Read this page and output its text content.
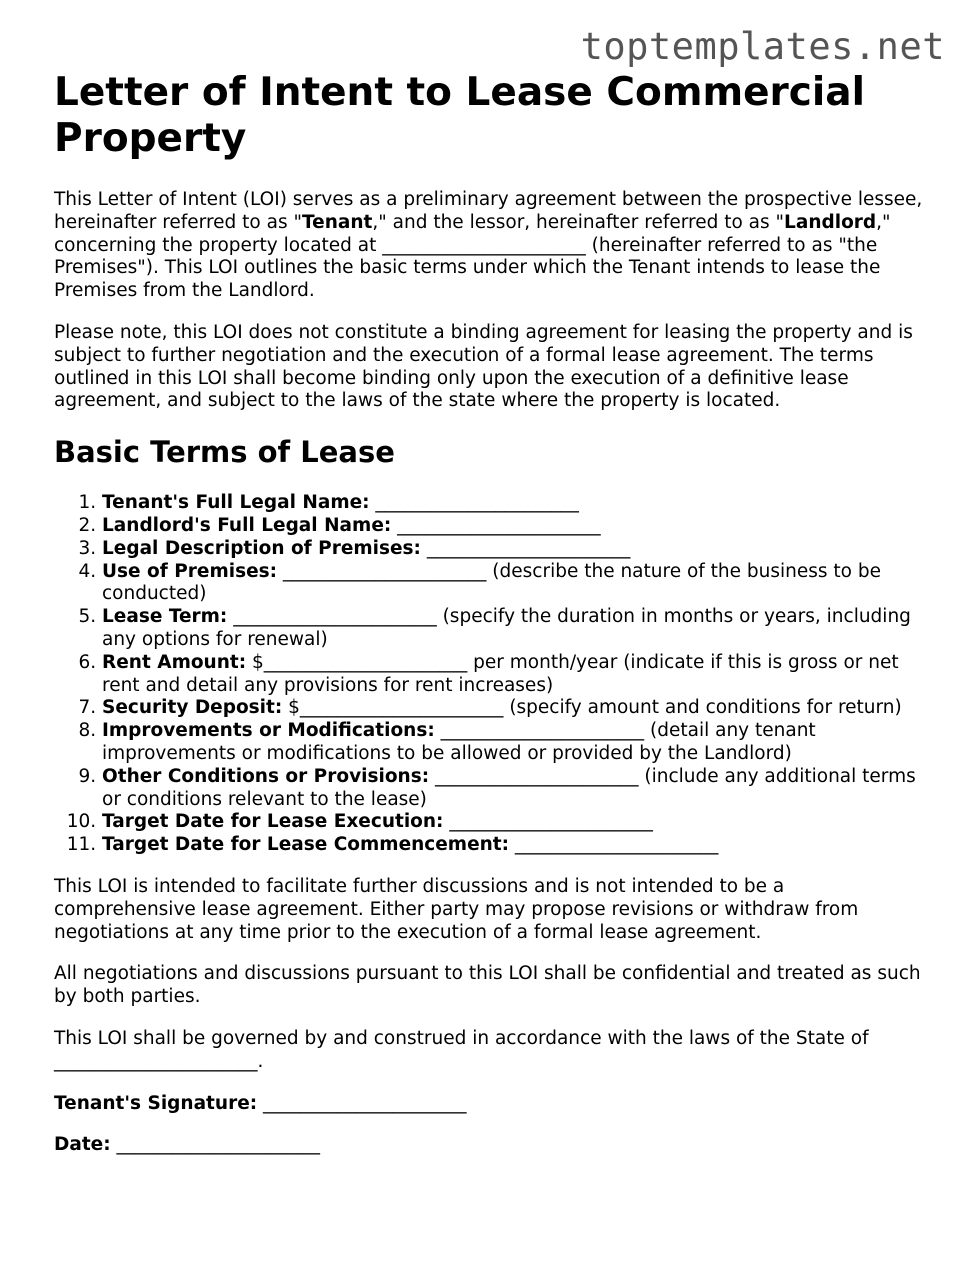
toptemplates.net
Letter of Intent to Lease Commercial Property

This Letter of Intent (LOI) serves as a preliminary agreement between the prospective lessee, hereinafter referred to as "Tenant," and the lessor, hereinafter referred to as "Landlord," concerning the property located at ______________________ (hereinafter referred to as "the Premises"). This LOI outlines the basic terms under which the Tenant intends to lease the Premises from the Landlord.

Please note, this LOI does not constitute a binding agreement for leasing the property and is subject to further negotiation and the execution of a formal lease agreement. The terms outlined in this LOI shall become binding only upon the execution of a definitive lease agreement, and subject to the laws of the state where the property is located.

Basic Terms of Lease
1. Tenant's Full Legal Name: ______________________
2. Landlord's Full Legal Name: ______________________
3. Legal Description of Premises: ______________________
4. Use of Premises: ______________________ (describe the nature of the business to be conducted)
5. Lease Term: ______________________ (specify the duration in months or years, including any options for renewal)
6. Rent Amount: $______________________ per month/year (indicate if this is gross or net rent and detail any provisions for rent increases)
7. Security Deposit: $______________________ (specify amount and conditions for return)
8. Improvements or Modifications: ______________________ (detail any tenant improvements or modifications to be allowed or provided by the Landlord)
9. Other Conditions or Provisions: ______________________ (include any additional terms or conditions relevant to the lease)
10. Target Date for Lease Execution: ______________________
11. Target Date for Lease Commencement: ______________________

This LOI is intended to facilitate further discussions and is not intended to be a comprehensive lease agreement. Either party may propose revisions or withdraw from negotiations at any time prior to the execution of a formal lease agreement.

All negotiations and discussions pursuant to this LOI shall be confidential and treated as such by both parties.

This LOI shall be governed by and construed in accordance with the laws of the State of ______________________.

Tenant's Signature: ______________________
Date: ______________________
